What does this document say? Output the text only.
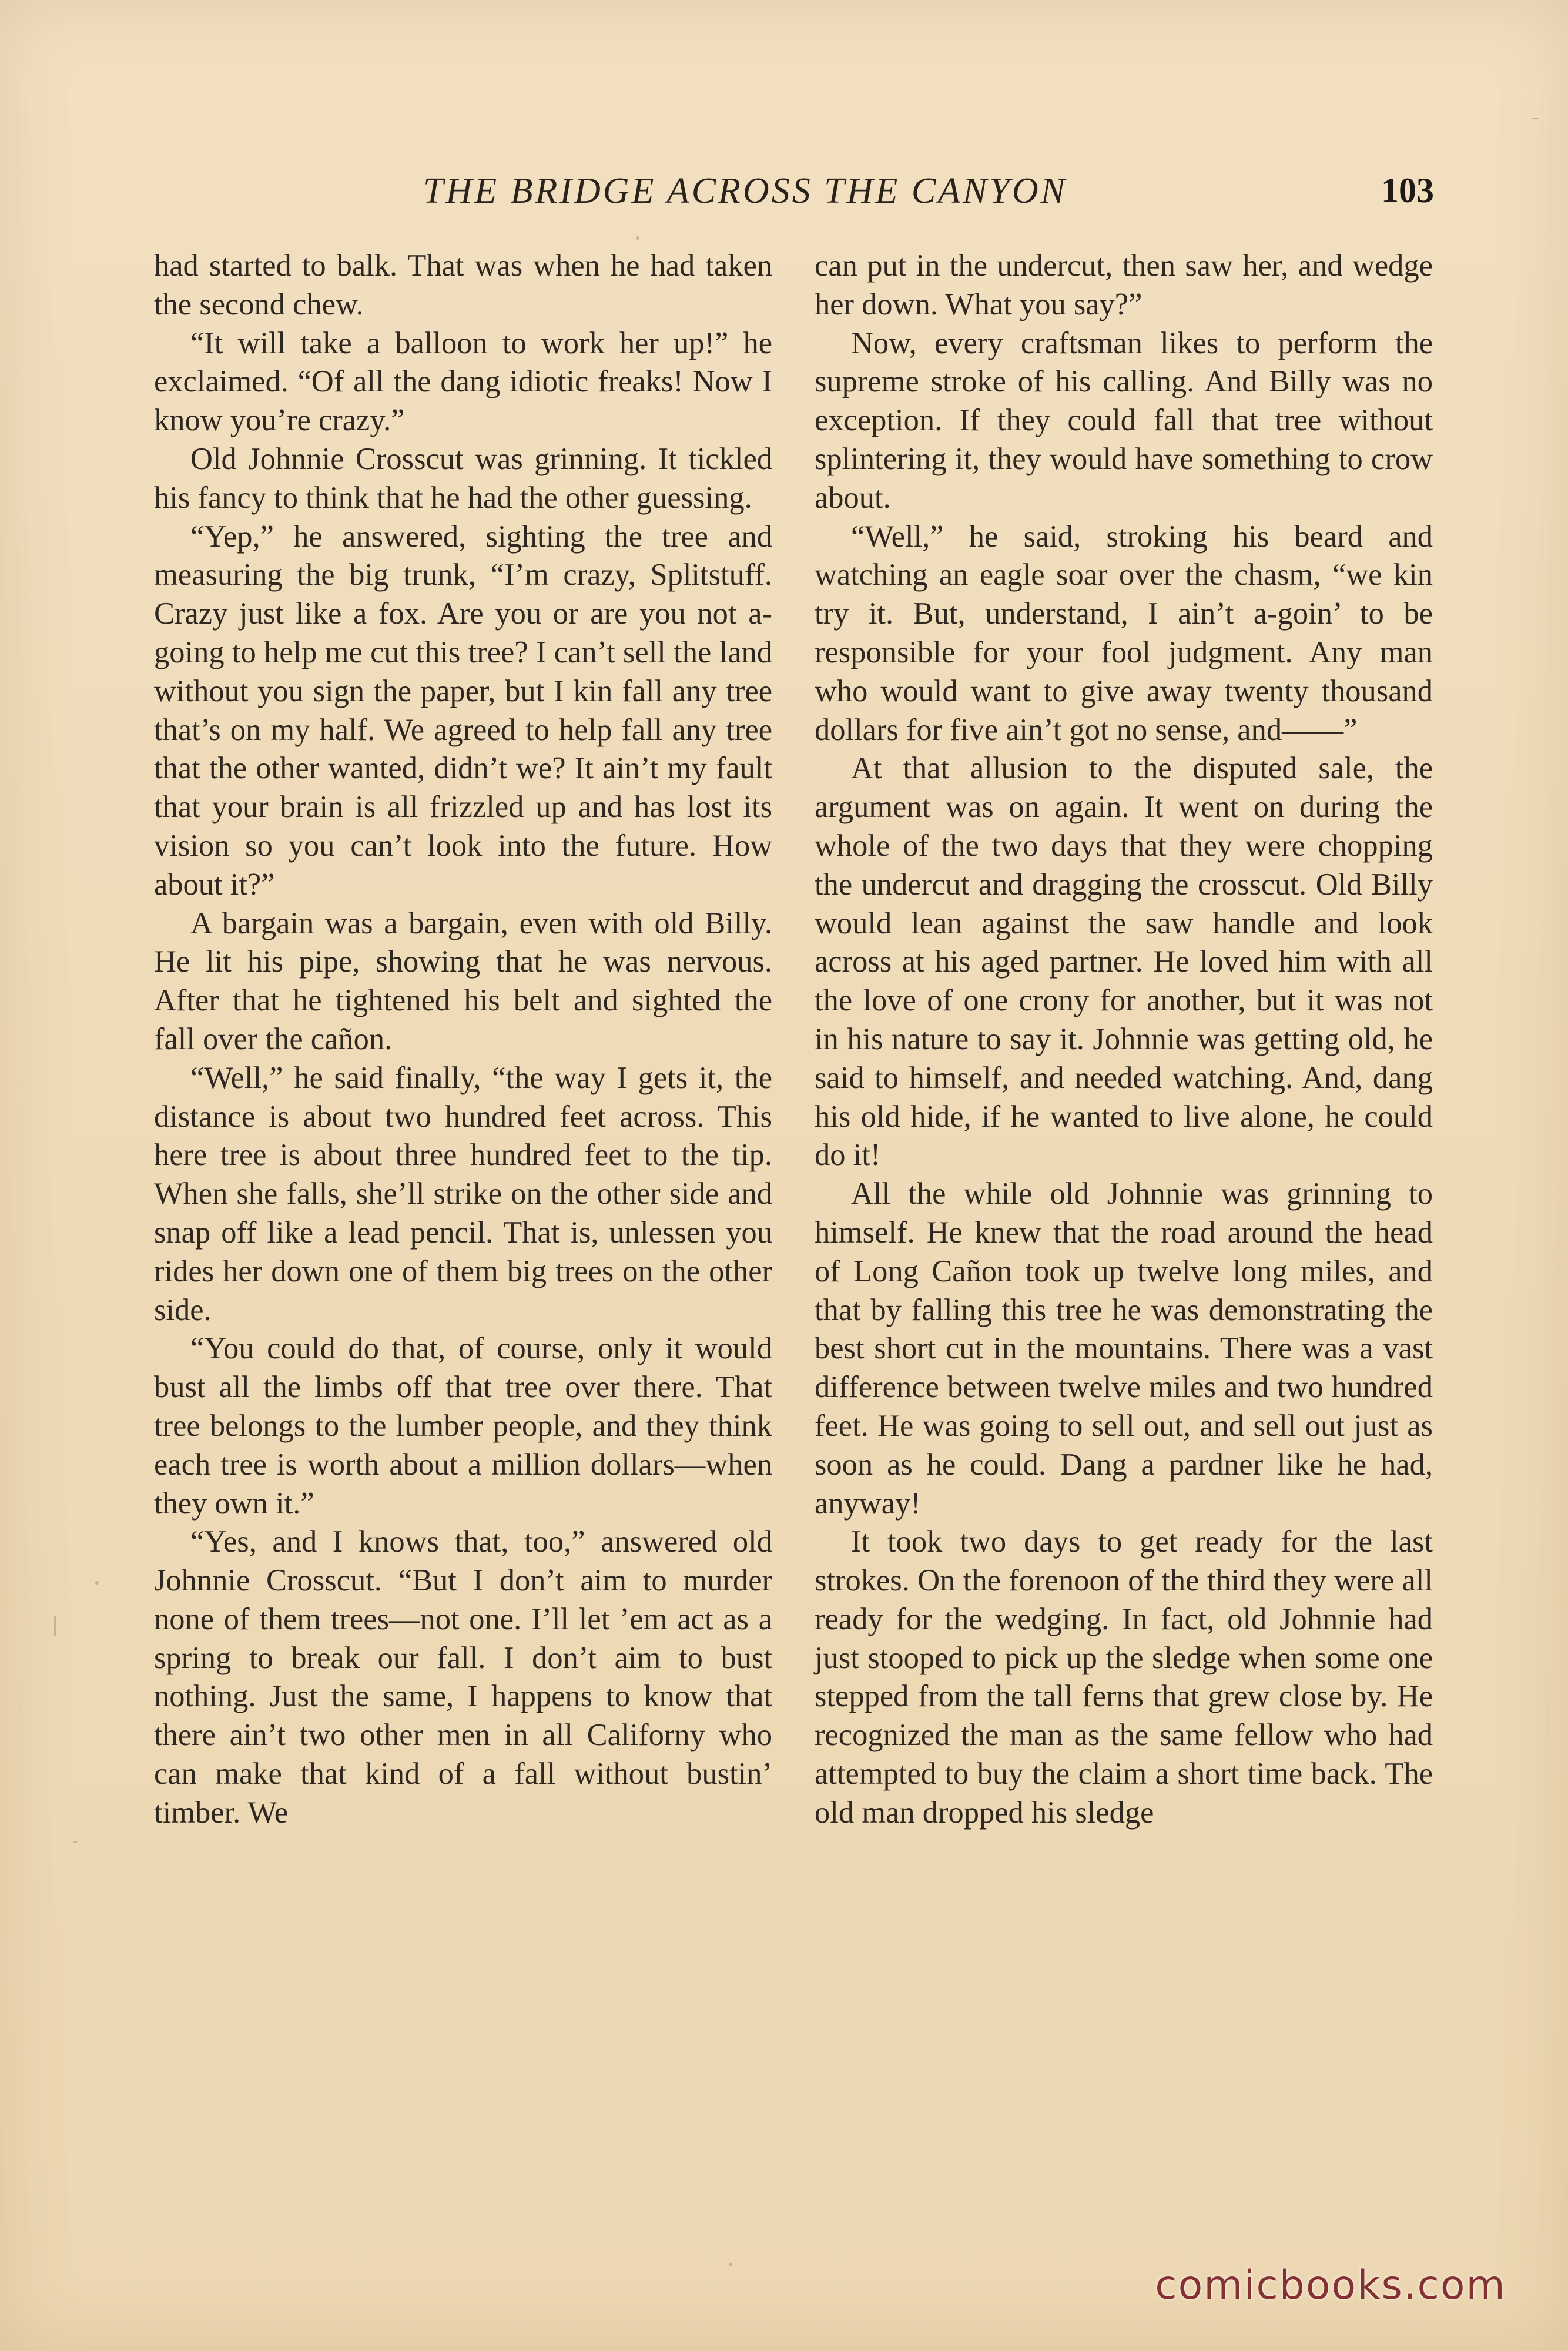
THE BRIDGE ACROSS THE CANYON	103

had started to balk. That was when he had taken the second chew.

“It will take a balloon to work her up!” he exclaimed. “Of all the dang idiotic freaks! Now I know you’re crazy.”

Old Johnnie Crosscut was grinning. It tickled his fancy to think that he had the other guessing.

“Yep,” he answered, sighting the tree and measuring the big trunk, “I’m crazy, Splitstuff. Crazy just like a fox. Are you or are you not a-going to help me cut this tree? I can’t sell the land without you sign the paper, but I kin fall any tree that’s on my half. We agreed to help fall any tree that the other wanted, didn’t we? It ain’t my fault that your brain is all frizzled up and has lost its vision so you can’t look into the future. How about it?”

A bargain was a bargain, even with old Billy. He lit his pipe, showing that he was nervous. After that he tightened his belt and sighted the fall over the cañon.

“Well,” he said finally, “the way I gets it, the distance is about two hundred feet across. This here tree is about three hundred feet to the tip. When she falls, she’ll strike on the other side and snap off like a lead pencil. That is, unlessen you rides her down one of them big trees on the other side.

“You could do that, of course, only it would bust all the limbs off that tree over there. That tree belongs to the lumber people, and they think each tree is worth about a million dollars—when they own it.”

“Yes, and I knows that, too,” answered old Johnnie Crosscut. “But I don’t aim to murder none of them trees—not one. I’ll let ’em act as a spring to break our fall. I don’t aim to bust nothing. Just the same, I happens to know that there ain’t two other men in all Californy who can make that kind of a fall without bustin’ timber. We

can put in the undercut, then saw her, and wedge her down. What you say?”

Now, every craftsman likes to perform the supreme stroke of his calling. And Billy was no exception. If they could fall that tree without splintering it, they would have something to crow about.

“Well,” he said, stroking his beard and watching an eagle soar over the chasm, “we kin try it. But, understand, I ain’t a-goin’ to be responsible for your fool judgment. Any man who would want to give away twenty thousand dollars for five ain’t got no sense, and——”

At that allusion to the disputed sale, the argument was on again. It went on during the whole of the two days that they were chopping the undercut and dragging the crosscut. Old Billy would lean against the saw handle and look across at his aged partner. He loved him with all the love of one crony for another, but it was not in his nature to say it. Johnnie was getting old, he said to himself, and needed watching. And, dang his old hide, if he wanted to live alone, he could do it!

All the while old Johnnie was grinning to himself. He knew that the road around the head of Long Cañon took up twelve long miles, and that by falling this tree he was demonstrating the best short cut in the mountains. There was a vast difference between twelve miles and two hundred feet. He was going to sell out, and sell out just as soon as he could. Dang a pardner like he had, anyway!

It took two days to get ready for the last strokes. On the forenoon of the third they were all ready for the wedging. In fact, old Johnnie had just stooped to pick up the sledge when some one stepped from the tall ferns that grew close by. He recognized the man as the same fellow who had attempted to buy the claim a short time back. The old man dropped his sledge

comicbooks.com
